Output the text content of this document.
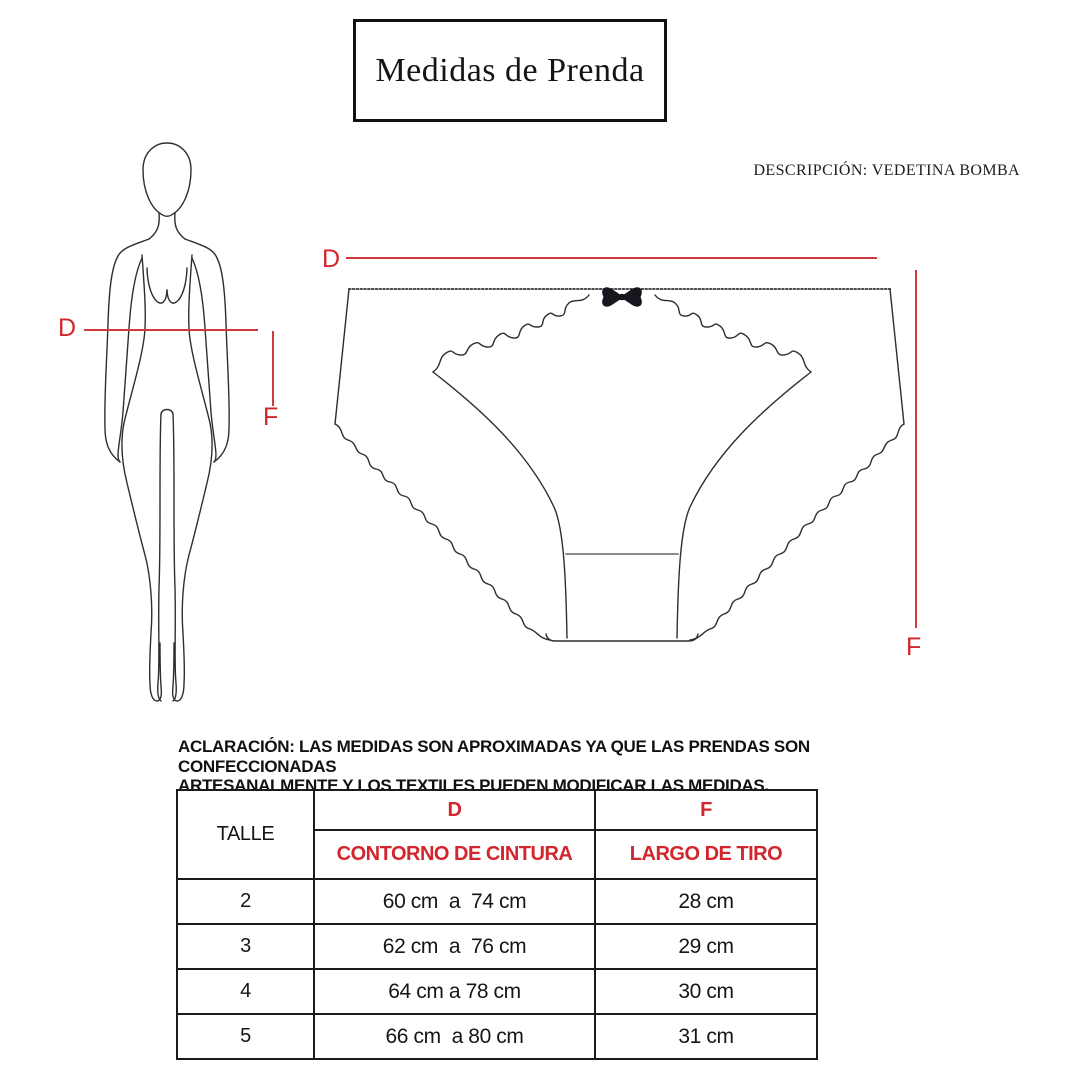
Medidas de Prenda
DESCRIPCIÓN: VEDETINA BOMBA
D
F
D
F
ACLARACIÓN: LAS MEDIDAS SON APROXIMADAS YA QUE LAS PRENDAS SON CONFECCIONADAS
ARTESANALMENTE Y LOS TEXTILES PUEDEN MODIFICAR LAS MEDIDAS.
TALLE	D	F
	CONTORNO DE CINTURA	LARGO DE TIRO
2	60 cm  a  74 cm	28 cm
3	62 cm  a  76 cm	29 cm
4	64 cm a 78 cm	30 cm
5	66 cm  a 80 cm	31 cm
